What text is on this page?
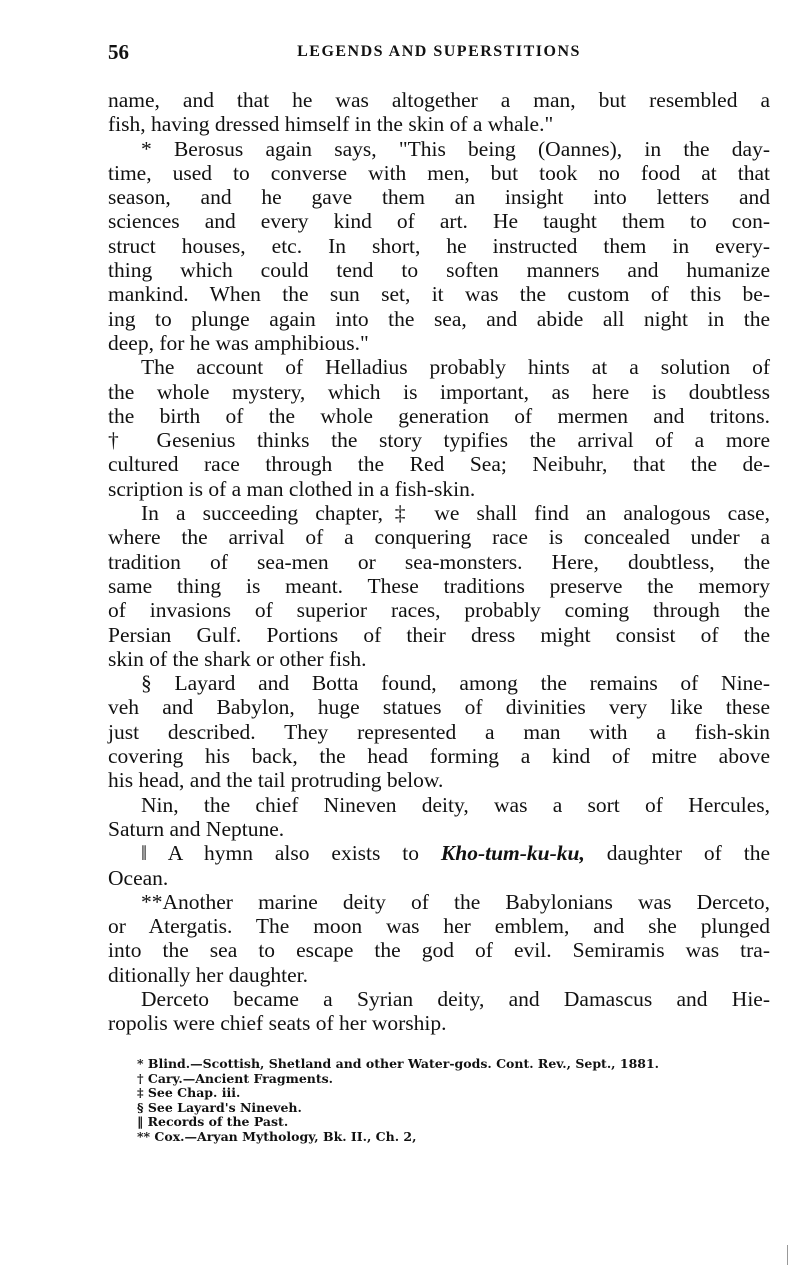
56	LEGENDS AND SUPERSTITIONS
name, and that he was altogether a man, but resembled a
fish, having dressed himself in the skin of a whale."
* Berosus again says, "This being (Oannes), in the day-
time, used to converse with men, but took no food at that
season, and he gave them an insight into letters and
sciences and every kind of art. He taught them to con-
struct houses, etc. In short, he instructed them in every-
thing which could tend to soften manners and humanize
mankind. When the sun set, it was the custom of this be-
ing to plunge again into the sea, and abide all night in the
deep, for he was amphibious."
The account of Helladius probably hints at a solution of
the whole mystery, which is important, as here is doubtless
the birth of the whole generation of mermen and tritons.
† Gesenius thinks the story typifies the arrival of a more
cultured race through the Red Sea; Neibuhr, that the de-
scription is of a man clothed in a fish-skin.
In a succeeding chapter,‡ we shall find an analogous case,
where the arrival of a conquering race is concealed under a
tradition of sea-men or sea-monsters. Here, doubtless, the
same thing is meant. These traditions preserve the memory
of invasions of superior races, probably coming through the
Persian Gulf. Portions of their dress might consist of the
skin of the shark or other fish.
§ Layard and Botta found, among the remains of Nine-
veh and Babylon, huge statues of divinities very like these
just described. They represented a man with a fish-skin
covering his back, the head forming a kind of mitre above
his head, and the tail protruding below.
Nin, the chief Nineven deity, was a sort of Hercules,
Saturn and Neptune.
‖ A hymn also exists to Kho-tum-ku-ku, daughter of the
Ocean.
**Another marine deity of the Babylonians was Derceto,
or Atergatis. The moon was her emblem, and she plunged
into the sea to escape the god of evil. Semiramis was tra-
ditionally her daughter.
Derceto became a Syrian deity, and Damascus and Hie-
ropolis were chief seats of her worship.
* Blind.—Scottish, Shetland and other Water-gods. Cont. Rev., Sept., 1881.
† Cary.—Ancient Fragments.
‡ See Chap. iii.
§ See Layard's Nineveh.
‖ Records of the Past.
** Cox.—Aryan Mythology, Bk. II., Ch. 2,
